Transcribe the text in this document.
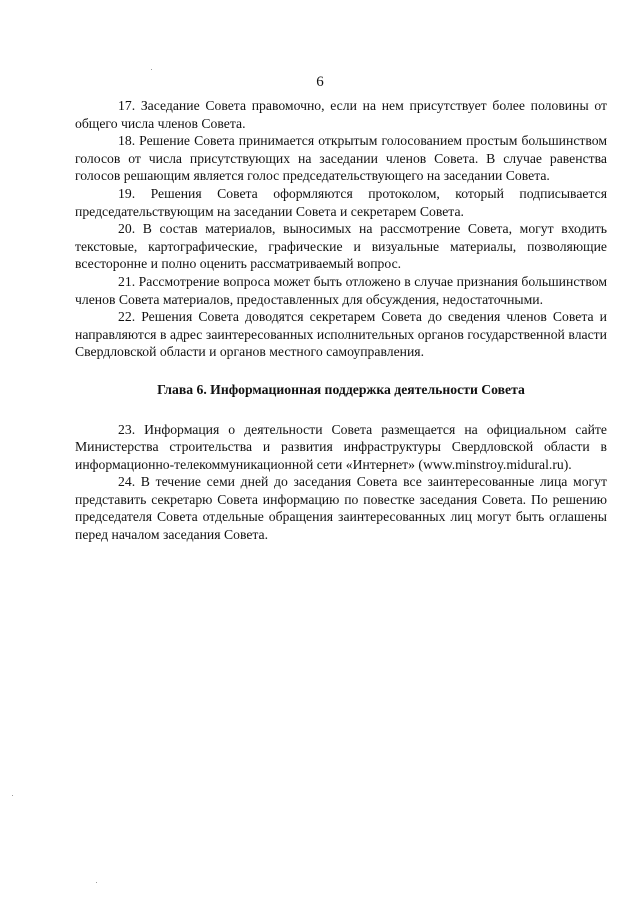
6

17. Заседание Совета правомочно, если на нем присутствует более половины от общего числа членов Совета.

18. Решение Совета принимается открытым голосованием простым большинством голосов от числа присутствующих на заседании членов Совета. В случае равенства голосов решающим является голос председательствующего на заседании Совета.

19. Решения Совета оформляются протоколом, который подписывается председательствующим на заседании Совета и секретарем Совета.

20. В состав материалов, выносимых на рассмотрение Совета, могут входить текстовые, картографические, графические и визуальные материалы, позволяющие всесторонне и полно оценить рассматриваемый вопрос.

21. Рассмотрение вопроса может быть отложено в случае признания большинством членов Совета материалов, предоставленных для обсуждения, недостаточными.

22. Решения Совета доводятся секретарем Совета до сведения членов Совета и направляются в адрес заинтересованных исполнительных органов государственной власти Свердловской области и органов местного самоуправления.

Глава 6. Информационная поддержка деятельности Совета

23. Информация о деятельности Совета размещается на официальном сайте Министерства строительства и развития инфраструктуры Свердловской области в информационно-телекоммуникационной сети «Интернет» (www.minstroy.midural.ru).

24. В течение семи дней до заседания Совета все заинтересованные лица могут представить секретарю Совета информацию по повестке заседания Совета. По решению председателя Совета отдельные обращения заинтересованных лиц могут быть оглашены перед началом заседания Совета.
